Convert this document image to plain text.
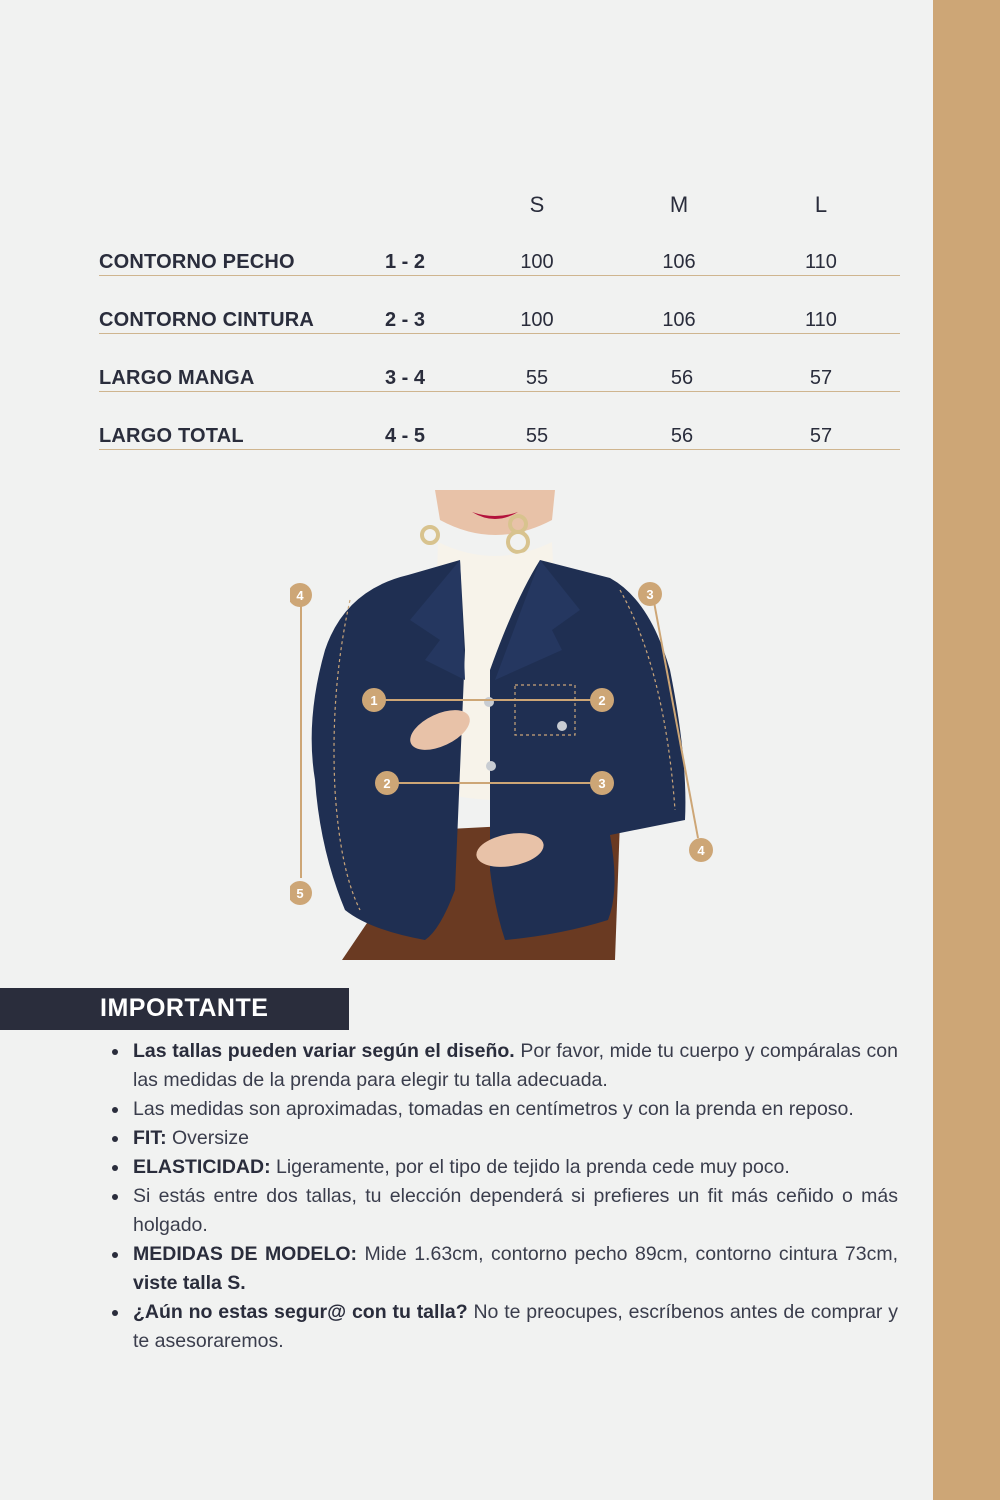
S	M	L
CONTORNO PECHO	1 - 2	100	106	110
CONTORNO CINTURA	2 - 3	100	106	110
LARGO MANGA	3 - 4	55	56	57
LARGO TOTAL	4 - 5	55	56	57
4
5
1	2
2	3
3
4
IMPORTANTE
Las tallas pueden variar según el diseño. Por favor, mide tu cuerpo y compáralas con las medidas de la prenda para elegir tu talla adecuada.
Las medidas son aproximadas, tomadas en centímetros y con la prenda en reposo.
FIT: Oversize
ELASTICIDAD: Ligeramente, por el tipo de tejido la prenda cede muy poco.
Si estás entre dos tallas, tu elección dependerá si prefieres un fit más ceñido o más holgado.
MEDIDAS DE MODELO: Mide 1.63cm, contorno pecho 89cm, contorno cintura 73cm, viste talla S.
¿Aún no estas segur@ con tu talla? No te preocupes, escríbenos antes de comprar y te asesoraremos.
